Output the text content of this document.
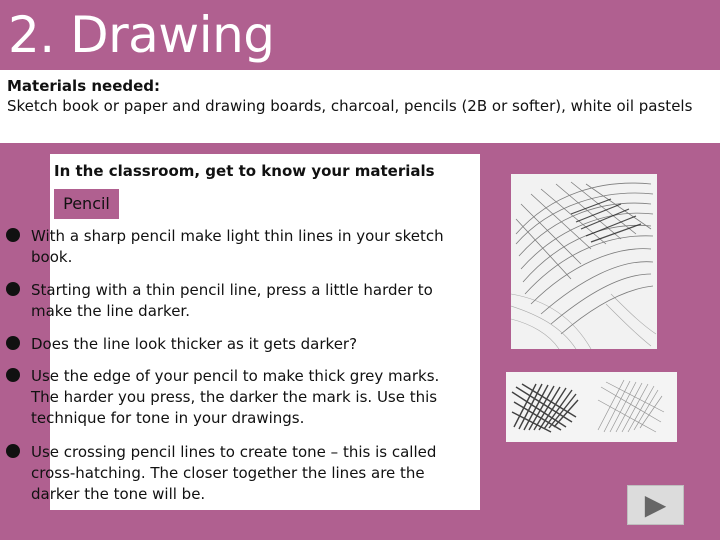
2. Drawing
Materials needed:
Sketch book or paper and drawing boards, charcoal, pencils (2B or softer), white oil pastels
In the classroom, get to know your materials
Pencil
With a sharp pencil make light thin lines in your sketch book.
Starting with a thin pencil line, press a little harder to make the line darker.
Does the line look thicker as it gets darker?
Use the edge of your pencil to make thick grey marks. The harder you press, the darker the mark is. Use this technique for tone in your drawings.
Use crossing pencil lines to create tone – this is called cross-hatching. The closer together the lines are the darker the tone will be.	▶
